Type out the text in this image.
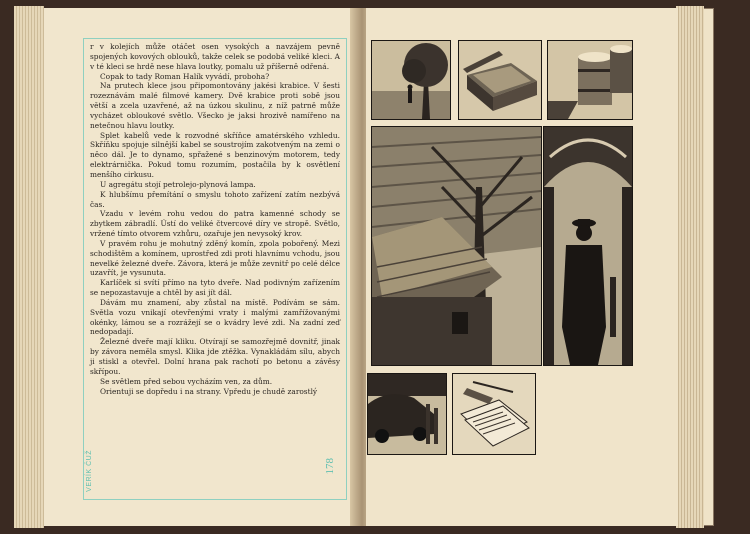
r v kolejích může otáčet osen vysokých a navzájem pevně spojených kovových oblouků, takže celek se podobá veliké kleci. A v té kleci se hrdě nese hlava loutky, pomalu už příšerně odřená.

Copak to tady Roman Halík vyvádí, proboha?

Na prutech klece jsou připomontovány jakési krabice. V šesti rozeznávám malé filmové kamery. Dvě krabice proti sobě jsou větší a zcela uzavřené, až na úzkou skulinu, z níž patrně může vycházet obloukové světlo. Všecko je jaksi hrozivě namířeno na netečnou hlavu loutky.

Splet kabelů vede k rozvodné skříňce amatérského vzhledu. Skříňku spojuje silnější kabel se soustrojím zakotveným na zemi o něco dál. Je to dynamo, spřažené s benzinovým motorem, tedy elektrárnička. Pokud tomu rozumím, postačila by k osvětlení menšího cirkusu.

U agregátu stojí petrolejo-plynová lampa.

K hlubšímu přemítání o smyslu tohoto zařízení zatím nezbývá čas.

Vzadu v levém rohu vedou do patra kamenné schody se zbytkem zábradlí. Ústí do veliké čtvercové díry ve stropě. Světlo, vržené tímto otvorem vzhůru, ozařuje jen nevysoký krov.

V pravém rohu je mohutný zděný komín, zpola pobořený. Mezi schodištěm a komínem, uprostřed zdi proti hlavnímu vchodu, jsou nevelké železné dveře. Závora, která je může zevnitř po celé délce uzavřít, je vysunuta.

Karlíček si svítí přímo na tyto dveře. Nad podivným zařízením se nepozastavuje a chtěl by asi jít dál.

Dávám mu znamení, aby zůstal na místě. Podívám se sám. Světla vozu vnikají otevřenými vraty i malými zamřížovanými okénky, lámou se a rozrážejí se o kvádry levé zdi. Na zadní zeď nedopadají.

Železné dveře mají kliku. Otvírají se samozřejmě dovnitř, jinak by závora neměla smysl. Klika jde ztěžka. Vynakládám sílu, abych ji stiskl a otevřel. Dolní hrana pak rachotí po betonu a závěsy skřípou.

Se světlem před sebou vycházím ven, za dům.

Orientuji se dopředu i na strany. Vpředu je chudě zarostlý

VERÍK ČUŽ	178
